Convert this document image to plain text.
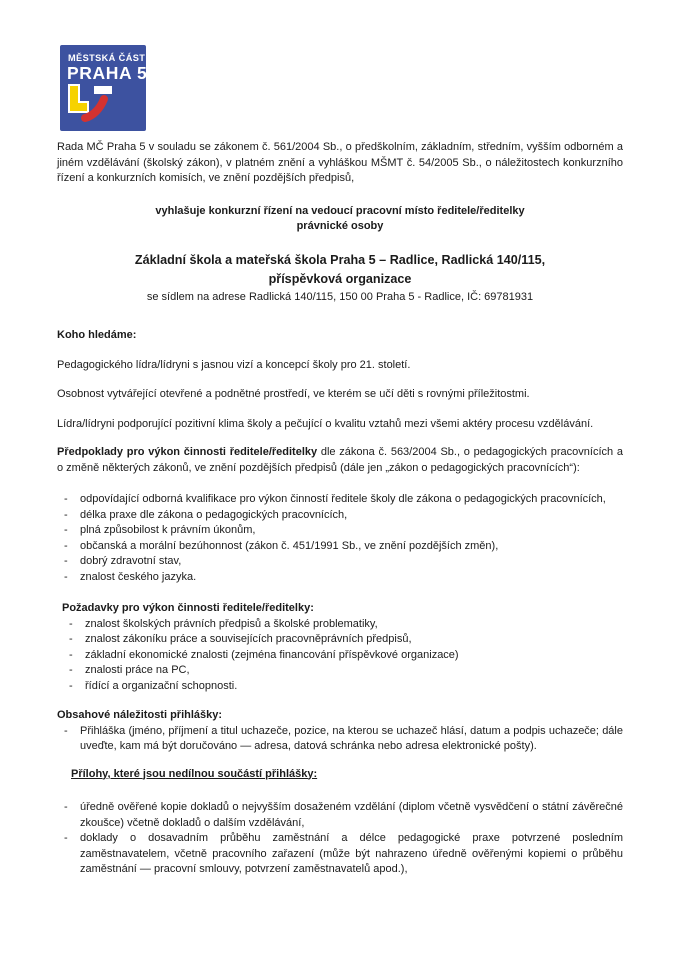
MĚSTSKÁ ČÁST
PRAHA 5

Rada MČ Praha 5 v souladu se zákonem č. 561/2004 Sb., o předškolním, základním, středním, vyšším odborném a jiném vzdělávání (školský zákon), v platném znění a vyhláškou MŠMT č. 54/2005 Sb., o náležitostech konkurzního řízení a konkurzních komisích, ve znění pozdějších předpisů,

vyhlašuje konkurzní řízení na vedoucí pracovní místo ředitele/ředitelky

právnické osoby

Základní škola a mateřská škola Praha 5 – Radlice, Radlická 140/115,
příspěvková organizace

se sídlem na adrese Radlická 140/115, 150 00 Praha 5 - Radlice, IČ: 69781931

Koho hledáme:

Pedagogického lídra/lídryni s jasnou vizí a koncepcí školy pro 21. století.

Osobnost vytvářející otevřené a podnětné prostředí, ve kterém se učí děti s rovnými příležitostmi.

Lídra/lídryni podporující pozitivní klima školy a pečující o kvalitu vztahů mezi všemi aktéry procesu vzdělávání.

Předpoklady pro výkon činnosti ředitele/ředitelky dle zákona č. 563/2004 Sb., o pedagogických pracovnících a o změně některých zákonů, ve znění pozdějších předpisů (dále jen „zákon o pedagogických pracovnících“):

- odpovídající odborná kvalifikace pro výkon činností ředitele školy dle zákona o pedagogických pracovnících,
- délka praxe dle zákona o pedagogických pracovnících,
- plná způsobilost k právním úkonům,
- občanská a morální bezúhonnost (zákon č. 451/1991 Sb., ve znění pozdějších změn),
- dobrý zdravotní stav,
- znalost českého jazyka.
Požadavky pro výkon činnosti ředitele/ředitelky:
- znalost školských právních předpisů a školské problematiky,
- znalost zákoníku práce a souvisejících pracovněprávních předpisů,
- základní ekonomické znalosti (zejména financování příspěvkové organizace)
- znalosti práce na PC,
- řídící a organizační schopnosti.
Obsahové náležitosti přihlášky:
- Přihláška (jméno, příjmení a titul uchazeče, pozice, na kterou se uchazeč hlásí, datum a podpis uchazeče; dále uveďte, kam má být doručováno — adresa, datová schránka nebo adresa elektronické pošty).
Přílohy, které jsou nedílnou součástí přihlášky:
- úředně ověřené kopie dokladů o nejvyšším dosaženém vzdělání (diplom včetně vysvědčení o státní závěrečné zkoušce) včetně dokladů o dalším vzdělávání,
- doklady o dosavadním průběhu zaměstnání a délce pedagogické praxe potvrzené posledním zaměstnavatelem, včetně pracovního zařazení (může být nahrazeno úředně ověřenými kopiemi o průběhu zaměstnání — pracovní smlouvy, potvrzení zaměstnavatelů apod.),
